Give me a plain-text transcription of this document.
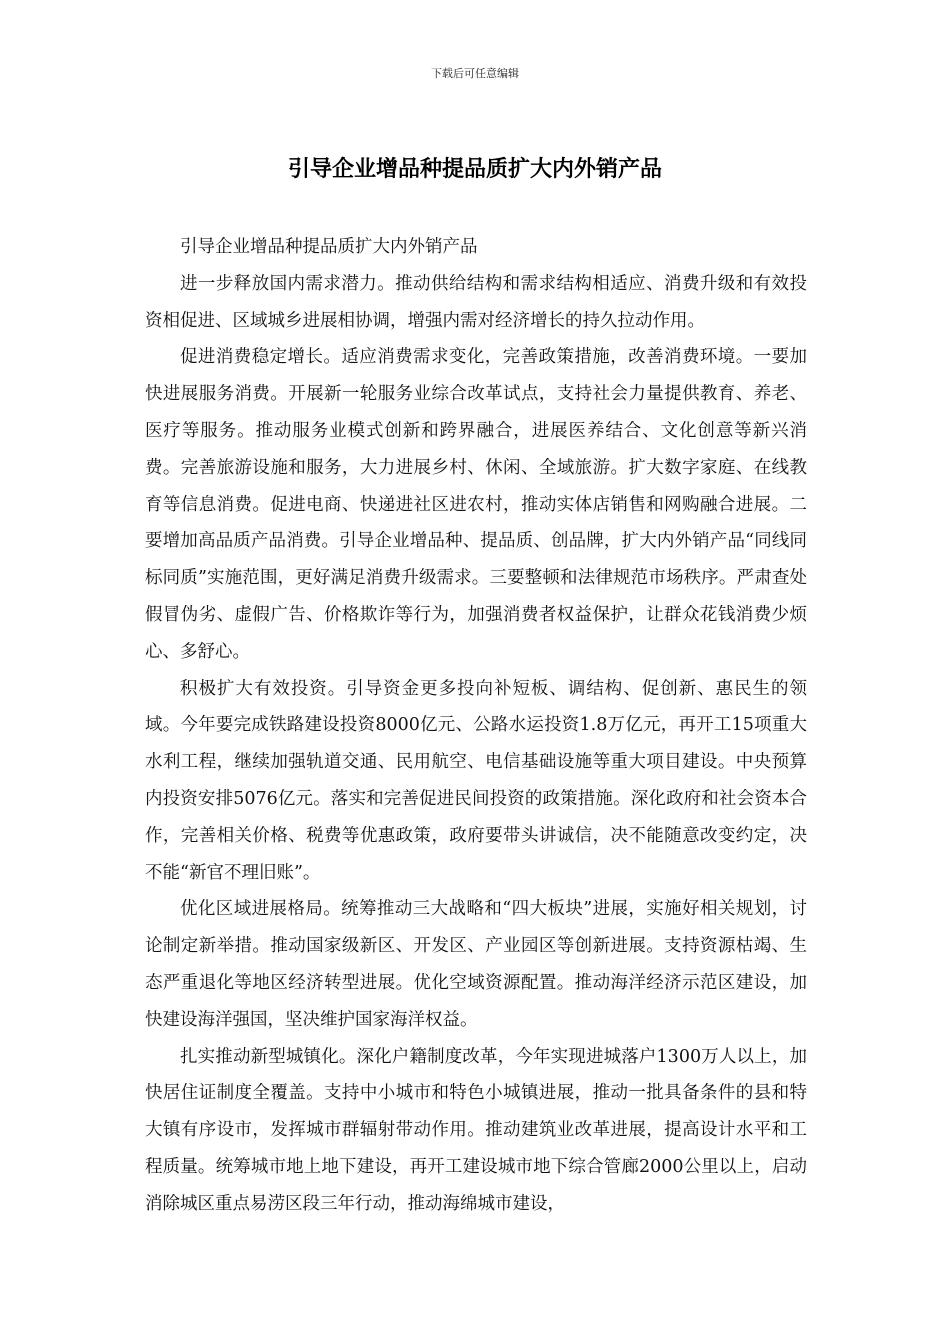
下载后可任意编辑
引导企业增品种提品质扩大内外销产品

引导企业增品种提品质扩大内外销产品

进一步释放国内需求潜力。推动供给结构和需求结构相适应、消费升级和有效投资相促进、区域城乡进展相协调，增强内需对经济增长的持久拉动作用。

促进消费稳定增长。适应消费需求变化，完善政策措施，改善消费环境。一要加快进展服务消费。开展新一轮服务业综合改革试点，支持社会力量提供教育、养老、医疗等服务。推动服务业模式创新和跨界融合，进展医养结合、文化创意等新兴消费。完善旅游设施和服务，大力进展乡村、休闲、全域旅游。扩大数字家庭、在线教育等信息消费。促进电商、快递进社区进农村，推动实体店销售和网购融合进展。二要增加高品质产品消费。引导企业增品种、提品质、创品牌，扩大内外销产品“同线同标同质”实施范围，更好满足消费升级需求。三要整顿和法律规范市场秩序。严肃查处假冒伪劣、虚假广告、价格欺诈等行为，加强消费者权益保护，让群众花钱消费少烦心、多舒心。

积极扩大有效投资。引导资金更多投向补短板、调结构、促创新、惠民生的领域。今年要完成铁路建设投资8000亿元、公路水运投资1.8万亿元，再开工15项重大水利工程，继续加强轨道交通、民用航空、电信基础设施等重大项目建设。中央预算内投资安排5076亿元。落实和完善促进民间投资的政策措施。深化政府和社会资本合作，完善相关价格、税费等优惠政策，政府要带头讲诚信，决不能随意改变约定，决不能“新官不理旧账”。

优化区域进展格局。统筹推动三大战略和“四大板块”进展，实施好相关规划，讨论制定新举措。推动国家级新区、开发区、产业园区等创新进展。支持资源枯竭、生态严重退化等地区经济转型进展。优化空域资源配置。推动海洋经济示范区建设，加快建设海洋强国，坚决维护国家海洋权益。

扎实推动新型城镇化。深化户籍制度改革，今年实现进城落户1300万人以上，加快居住证制度全覆盖。支持中小城市和特色小城镇进展，推动一批具备条件的县和特大镇有序设市，发挥城市群辐射带动作用。推动建筑业改革进展，提高设计水平和工程质量。统筹城市地上地下建设，再开工建设城市地下综合管廊2000公里以上，启动消除城区重点易涝区段三年行动，推动海绵城市建设，
